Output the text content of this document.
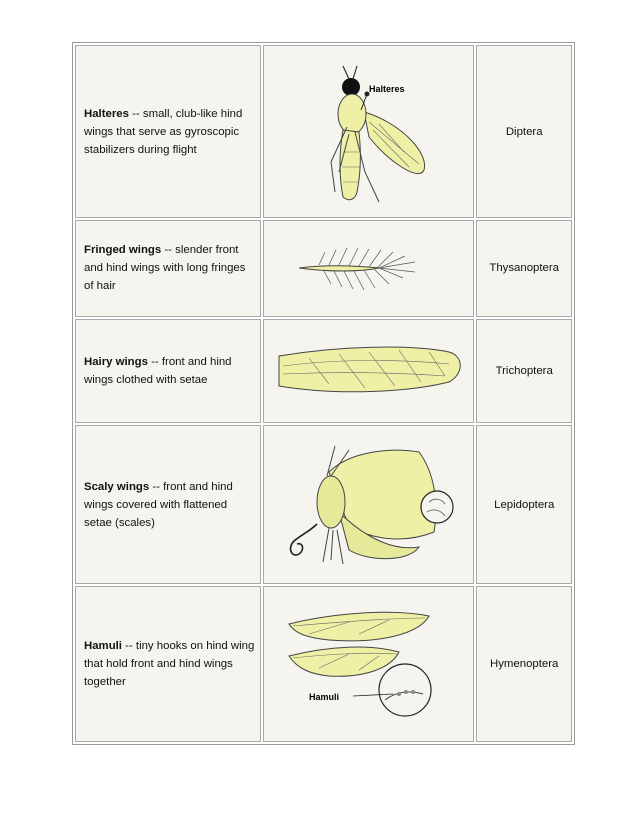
Halteres -- small, club-like hind wings that serve as gyroscopic stabilizers during flight	Halteres	Diptera
Fringed wings -- slender front and hind wings with long fringes of hair		Thysanoptera
Hairy wings -- front and hind wings clothed with setae		Trichoptera
Scaly wings -- front and hind wings covered with flattened setae (scales)		Lepidoptera
Hamuli -- tiny hooks on hind wing that hold front and hind wings together	Hamuli	Hymenoptera
